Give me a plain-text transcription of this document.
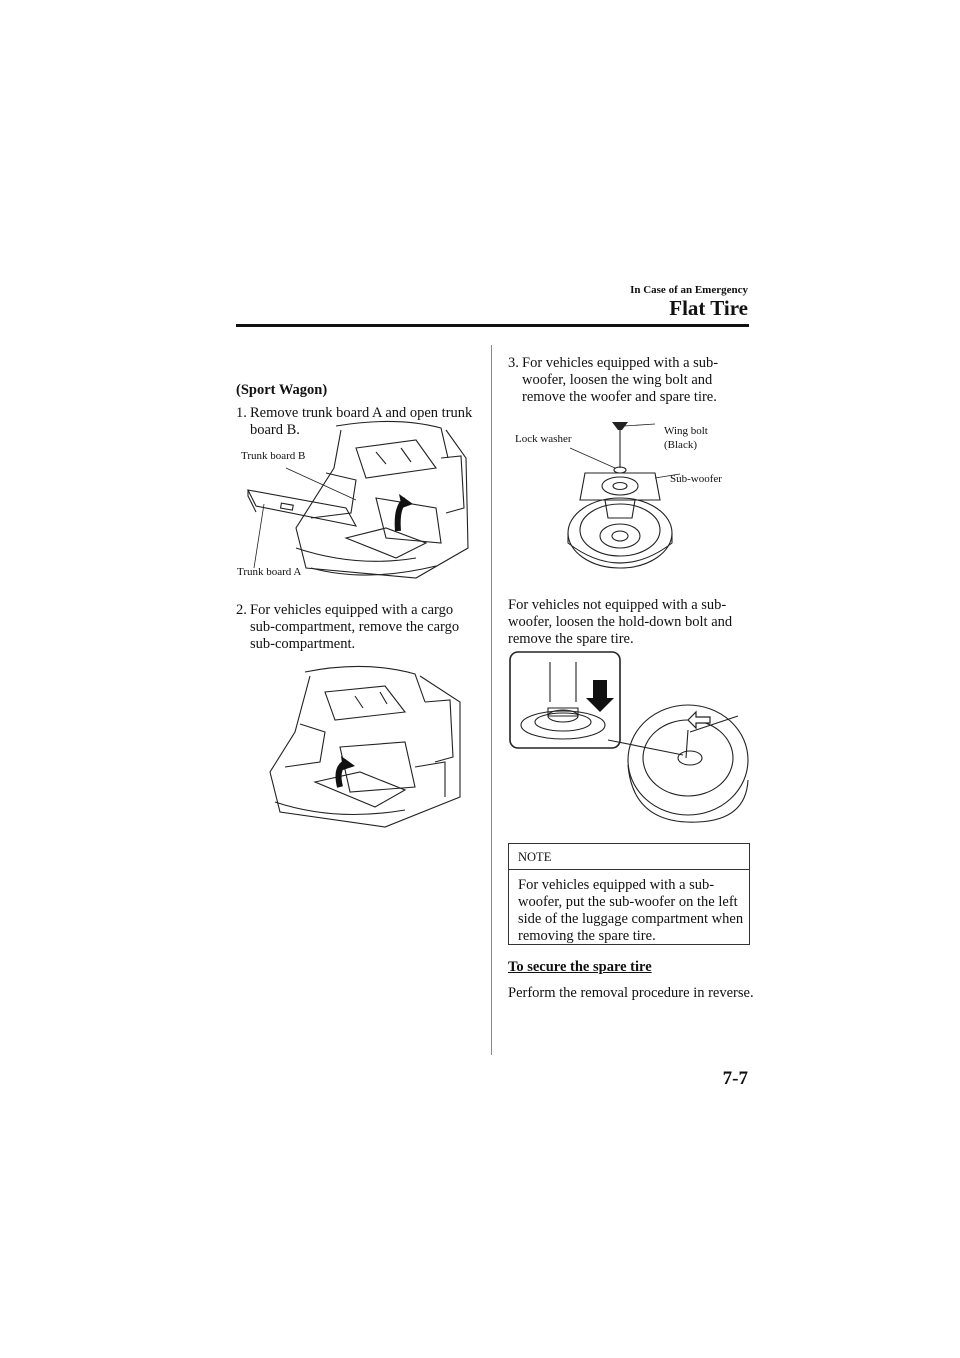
In Case of an Emergency
Flat Tire
(Sport Wagon)
1. Remove trunk board A and open trunk board B.
Trunk board B
Trunk board A
2. For vehicles equipped with a cargo sub-compartment, remove the cargo sub-compartment.
3. For vehicles equipped with a sub-woofer, loosen the wing bolt and remove the woofer and spare tire.
Lock washer
Wing bolt
(Black)
Sub-woofer
For vehicles not equipped with a sub-woofer, loosen the hold-down bolt and remove the spare tire.
NOTE
For vehicles equipped with a sub-woofer, put the sub-woofer on the left side of the luggage compartment when removing the spare tire.
To secure the spare tire
Perform the removal procedure in reverse.
7-7
